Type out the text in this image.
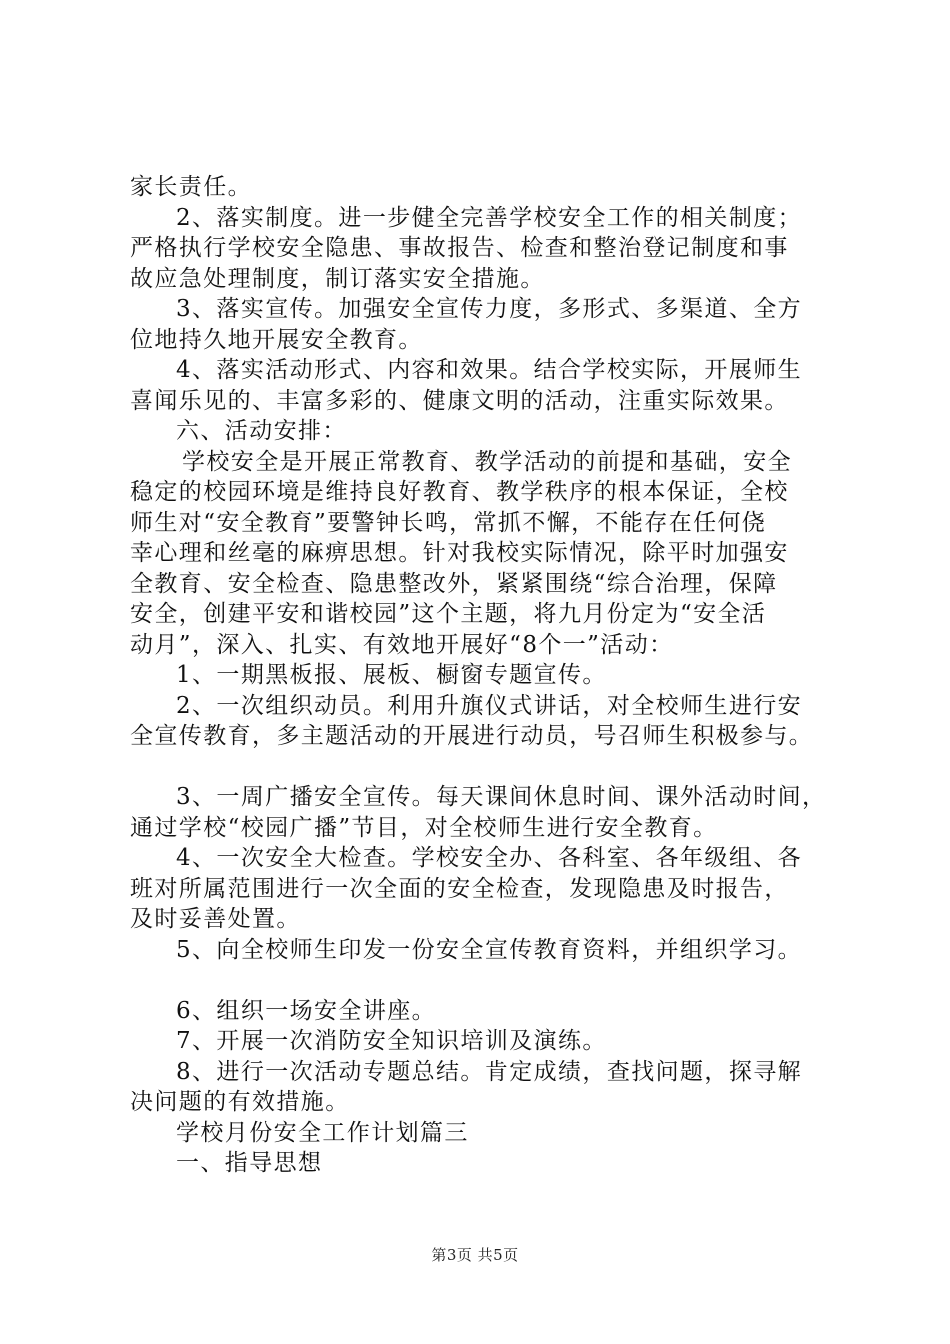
家长责任。
2、落实制度。进一步健全完善学校安全工作的相关制度；
严格执行学校安全隐患、事故报告、检查和整治登记制度和事
故应急处理制度，制订落实安全措施。
3、落实宣传。加强安全宣传力度，多形式、多渠道、全方
位地持久地开展安全教育。
4、落实活动形式、内容和效果。结合学校实际，开展师生
喜闻乐见的、丰富多彩的、健康文明的活动，注重实际效果。
六、活动安排：
学校安全是开展正常教育、教学活动的前提和基础，安全
稳定的校园环境是维持良好教育、教学秩序的根本保证，全校
师生对“安全教育”要警钟长鸣，常抓不懈，不能存在任何侥
幸心理和丝毫的麻痹思想。针对我校实际情况，除平时加强安
全教育、安全检查、隐患整改外，紧紧围绕“综合治理，保障
安全，创建平安和谐校园”这个主题，将九月份定为“安全活
动月”，深入、扎实、有效地开展好“8个一”活动：
1、一期黑板报、展板、橱窗专题宣传。
2、一次组织动员。利用升旗仪式讲话，对全校师生进行安
全宣传教育，多主题活动的开展进行动员，号召师生积极参与。
3、一周广播安全宣传。每天课间休息时间、课外活动时间，
通过学校“校园广播”节目，对全校师生进行安全教育。
4、一次安全大检查。学校安全办、各科室、各年级组、各
班对所属范围进行一次全面的安全检查，发现隐患及时报告，
及时妥善处置。
5、向全校师生印发一份安全宣传教育资料，并组织学习。
6、组织一场安全讲座。
7、开展一次消防安全知识培训及演练。
8、进行一次活动专题总结。肯定成绩，查找问题，探寻解
决问题的有效措施。
学校月份安全工作计划篇三
一、指导思想
第3页 共5页
